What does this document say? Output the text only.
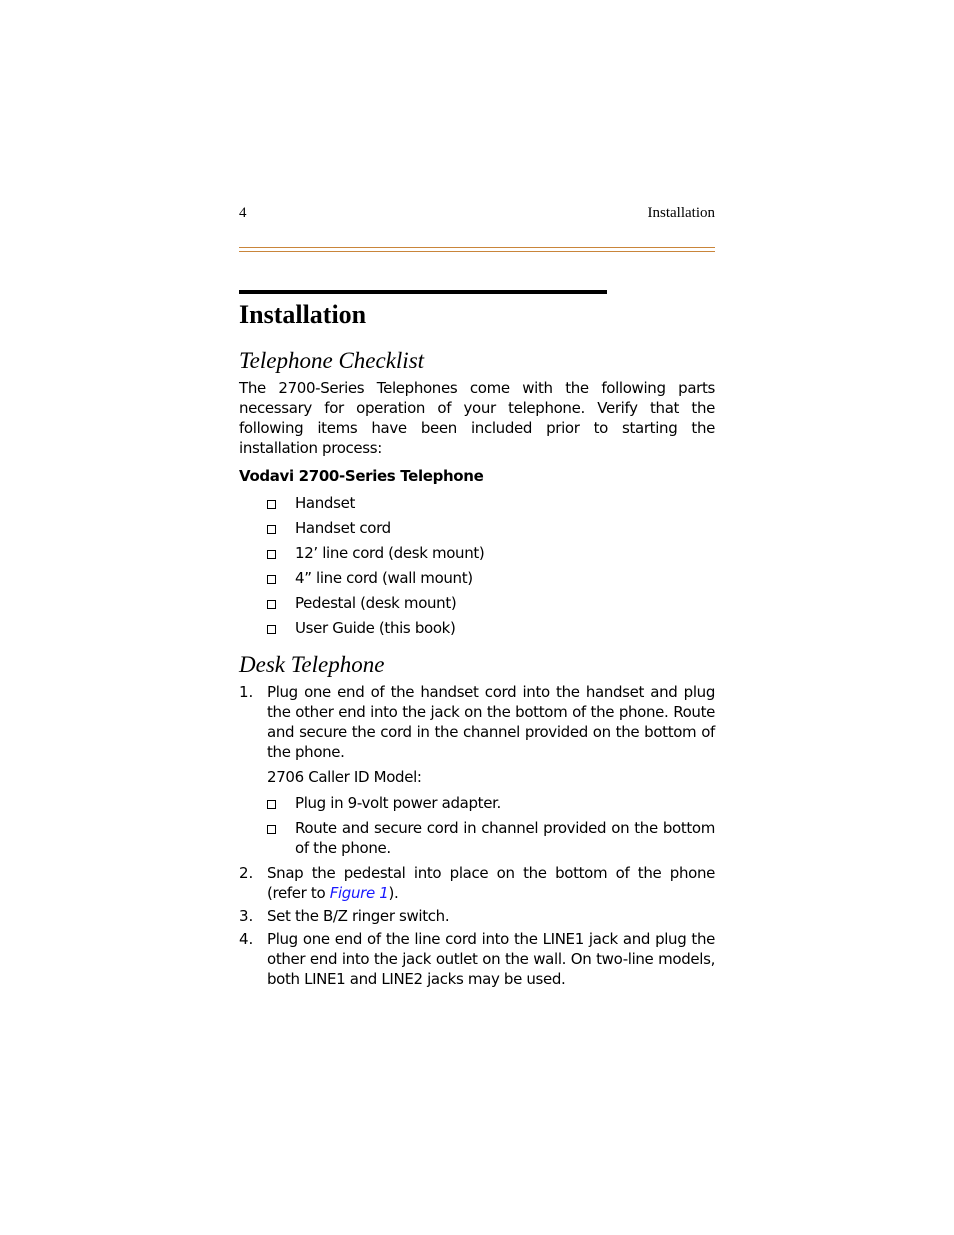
4	Installation
Installation
Telephone Checklist

The 2700-Series Telephones come with the following parts necessary for operation of your telephone. Verify that the following items have been included prior to starting the installation process:

Vodavi 2700-Series Telephone
Handset
Handset cord
12’ line cord (desk mount)
4” line cord (wall mount)
Pedestal (desk mount)
User Guide (this book)
Desk Telephone
1. Plug one end of the handset cord into the handset and plug the other end into the jack on the bottom of the phone. Route and secure the cord in the channel provided on the bottom of the phone.
2706 Caller ID Model:
Plug in 9-volt power adapter.
Route and secure cord in channel provided on the bottom of the phone.
2. Snap the pedestal into place on the bottom of the phone (refer to Figure 1).
3. Set the B/Z ringer switch.
4. Plug one end of the line cord into the LINE1 jack and plug the other end into the jack outlet on the wall. On two-line models, both LINE1 and LINE2 jacks may be used.
